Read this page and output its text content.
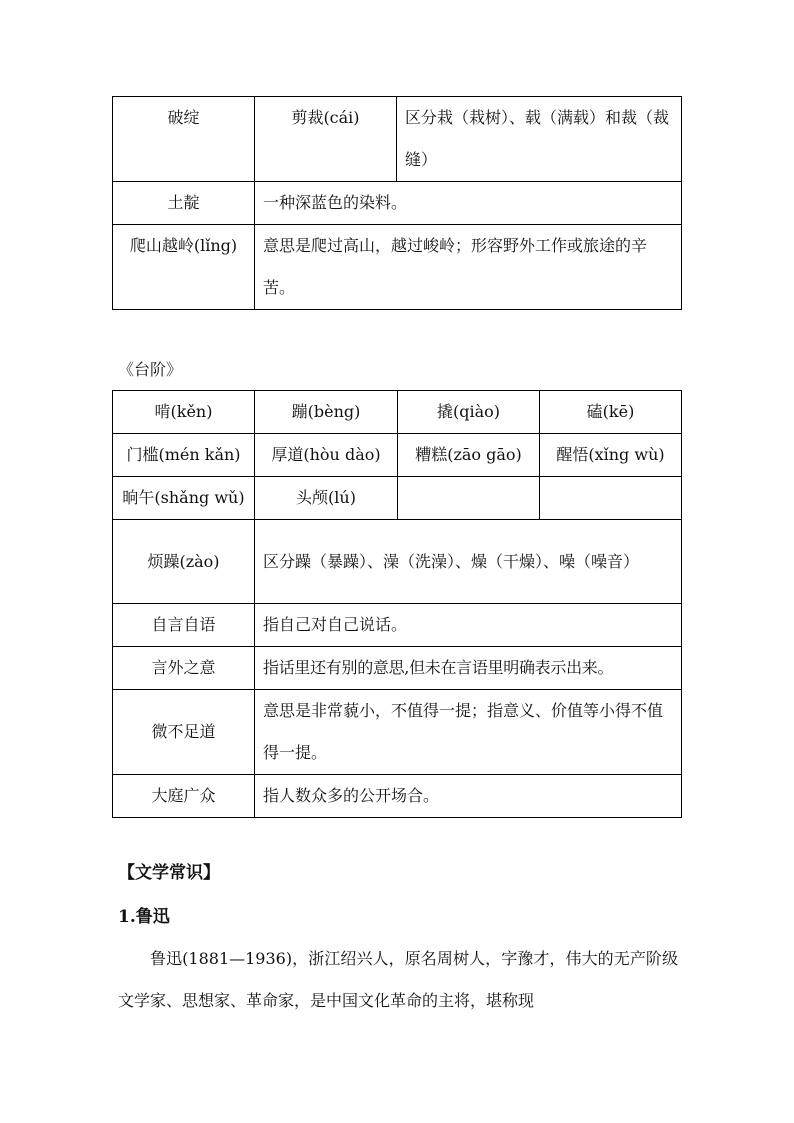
破绽	剪裁(cái)	区分栽（栽树）、载（满载）和裁（裁缝）
土靛	一种深蓝色的染料。	
爬山越岭(lǐng)	意思是爬过高山，越过峻岭；形容野外工作或旅途的辛苦。	
《台阶》
啃(kěn)	蹦(bèng)	撬(qiào)	磕(kē)
门槛(mén kǎn)	厚道(hòu dào)	糟糕(zāo gāo)	醒悟(xǐng wù)
晌午(shǎng wǔ)	头颅(lú)		
烦躁(zào)	区分躁（暴躁）、澡（洗澡）、燥（干燥）、噪（噪音）		
自言自语	指自己对自己说话。		
言外之意	指话里还有别的意思,但未在言语里明确表示出来。		
微不足道	意思是非常藐小，不值得一提；指意义、价值等小得不值得一提。		
大庭广众	指人数众多的公开场合。		
【文学常识】
1.鲁迅
鲁迅(1881—1936)，浙江绍兴人，原名周树人，字豫才，伟大的无产阶级文学家、思想家、革命家，是中国文化革命的主将，堪称现
